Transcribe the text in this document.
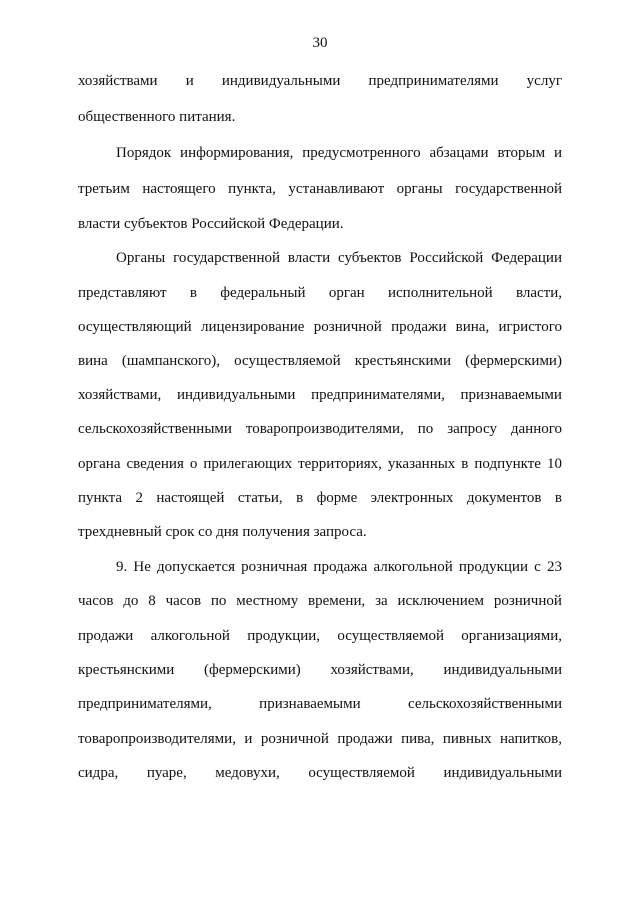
30
хозяйствами и индивидуальными предпринимателями услуг
общественного питания.
Порядок информирования, предусмотренного абзацами вторым и
третьим настоящего пункта, устанавливают органы государственной
власти субъектов Российской Федерации.
Органы государственной власти субъектов Российской Федерации
представляют в федеральный орган исполнительной власти,
осуществляющий лицензирование розничной продажи вина, игристого
вина (шампанского), осуществляемой крестьянскими (фермерскими)
хозяйствами, индивидуальными предпринимателями, признаваемыми
сельскохозяйственными товаропроизводителями, по запросу данного
органа сведения о прилегающих территориях, указанных в подпункте 10
пункта 2 настоящей статьи, в форме электронных документов в
трехдневный срок со дня получения запроса.
9. Не допускается розничная продажа алкогольной продукции с 23
часов до 8 часов по местному времени, за исключением розничной
продажи алкогольной продукции, осуществляемой организациями,
крестьянскими (фермерскими) хозяйствами, индивидуальными
предпринимателями,	признаваемыми	сельскохозяйственными
товаропроизводителями, и розничной продажи пива, пивных напитков,
сидра, пуаре, медовухи, осуществляемой индивидуальными
